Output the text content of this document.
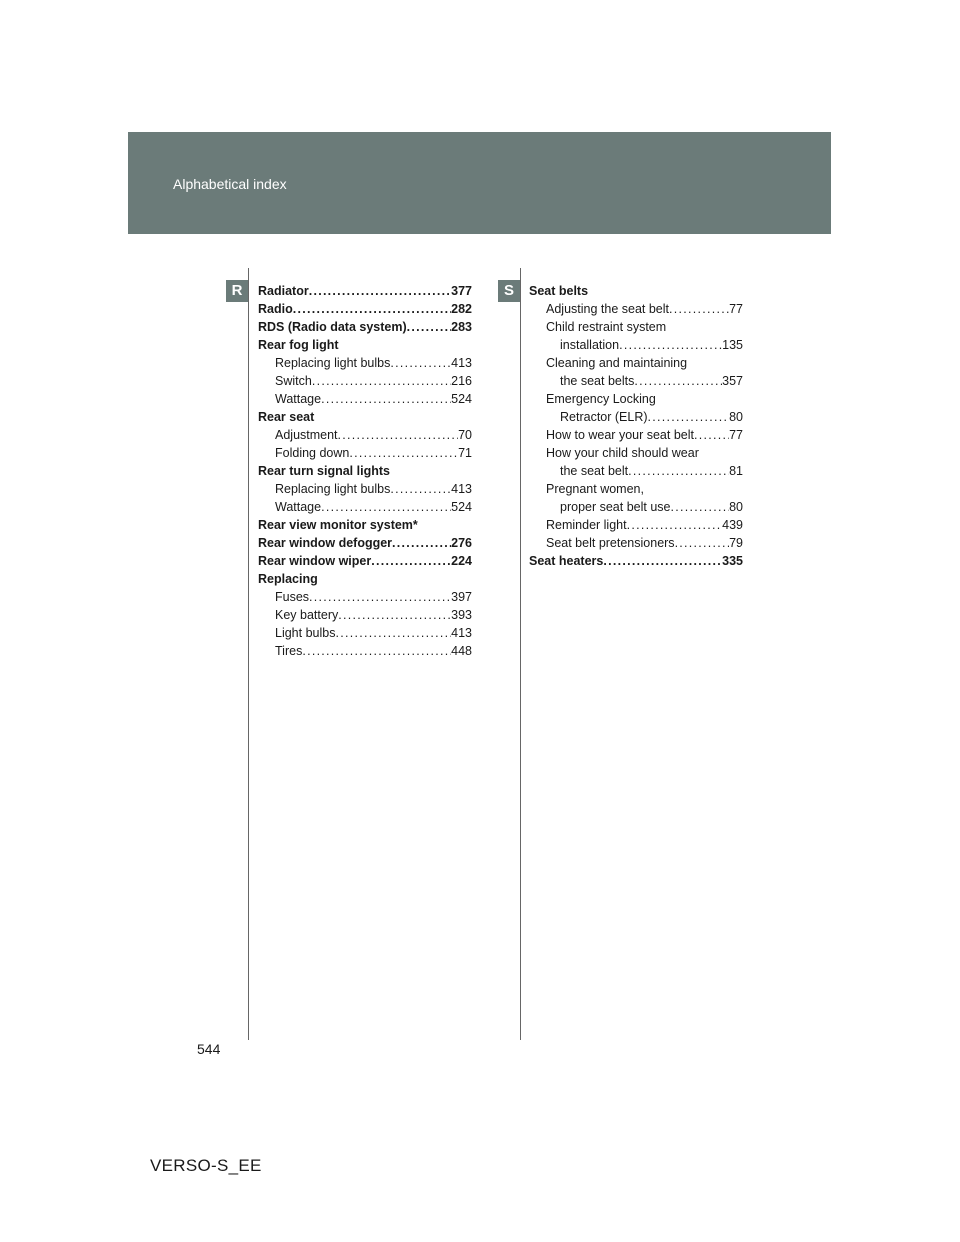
Alphabetical index
R	S
Radiator . . .	377
Radio . . .	282
RDS (Radio data system) . . .	283
Rear fog light
Replacing light bulbs . . .	413
Switch . . .	216
Wattage . . .	524
Rear seat
Adjustment . . .	70
Folding down . . .	71
Rear turn signal lights
Replacing light bulbs . . .	413
Wattage . . .	524
Rear view monitor system*
Rear window defogger . . .	276
Rear window wiper . . .	224
Replacing
Fuses . . .	397
Key battery . . .	393
Light bulbs . . .	413
Tires . . .	448
Seat belts
Adjusting the seat belt . . .	77
Child restraint system
installation . . .	135
Cleaning and maintaining
the seat belts . . .	357
Emergency Locking
Retractor (ELR) . . .	80
How to wear your seat belt . . .	77
How your child should wear
the seat belt . . .	81
Pregnant women,
proper seat belt use . . .	80
Reminder light . . .	439
Seat belt pretensioners . . .	79
Seat heaters . . .	335
544
VERSO-S_EE
